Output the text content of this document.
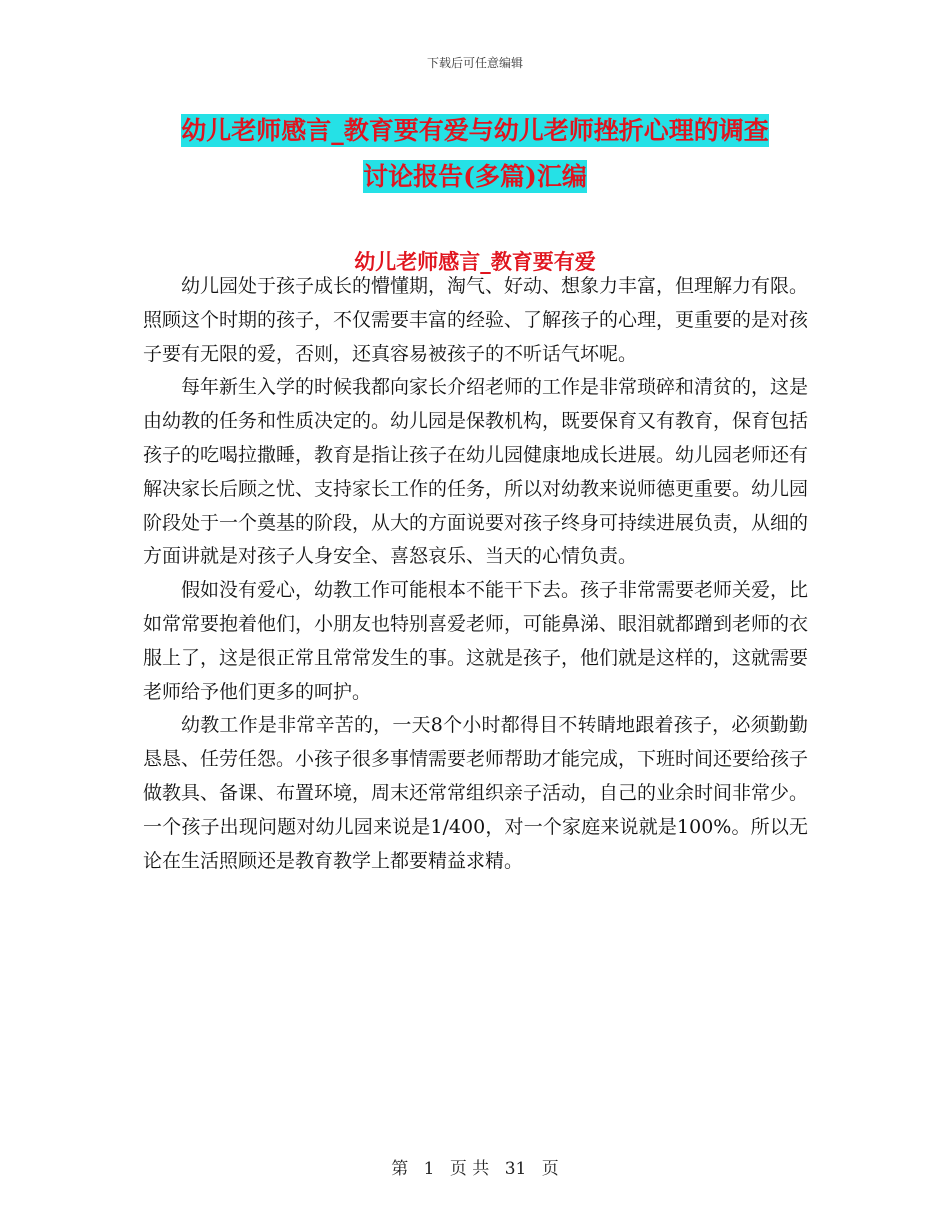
下载后可任意编辑
幼儿老师感言_教育要有爱与幼儿老师挫折心理的调查
讨论报告(多篇)汇编
幼儿老师感言_教育要有爱

幼儿园处于孩子成长的懵懂期，淘气、好动、想象力丰富，但理解力有限。照顾这个时期的孩子，不仅需要丰富的经验、了解孩子的心理，更重要的是对孩子要有无限的爱，否则，还真容易被孩子的不听话气坏呢。

每年新生入学的时候我都向家长介绍老师的工作是非常琐碎和清贫的，这是由幼教的任务和性质决定的。幼儿园是保教机构，既要保育又有教育，保育包括孩子的吃喝拉撒睡，教育是指让孩子在幼儿园健康地成长进展。幼儿园老师还有解决家长后顾之忧、支持家长工作的任务，所以对幼教来说师德更重要。幼儿园阶段处于一个奠基的阶段，从大的方面说要对孩子终身可持续进展负责，从细的方面讲就是对孩子人身安全、喜怒哀乐、当天的心情负责。

假如没有爱心，幼教工作可能根本不能干下去。孩子非常需要老师关爱，比如常常要抱着他们，小朋友也特别喜爱老师，可能鼻涕、眼泪就都蹭到老师的衣服上了，这是很正常且常常发生的事。这就是孩子，他们就是这样的，这就需要老师给予他们更多的呵护。

幼教工作是非常辛苦的，一天8个小时都得目不转睛地跟着孩子，必须勤勤恳恳、任劳任怨。小孩子很多事情需要老师帮助才能完成，下班时间还要给孩子做教具、备课、布置环境，周末还常常组织亲子活动，自己的业余时间非常少。一个孩子出现问题对幼儿园来说是1/400，对一个家庭来说就是100%。所以无论在生活照顾还是教育教学上都要精益求精。

第 1 页 共 31 页
